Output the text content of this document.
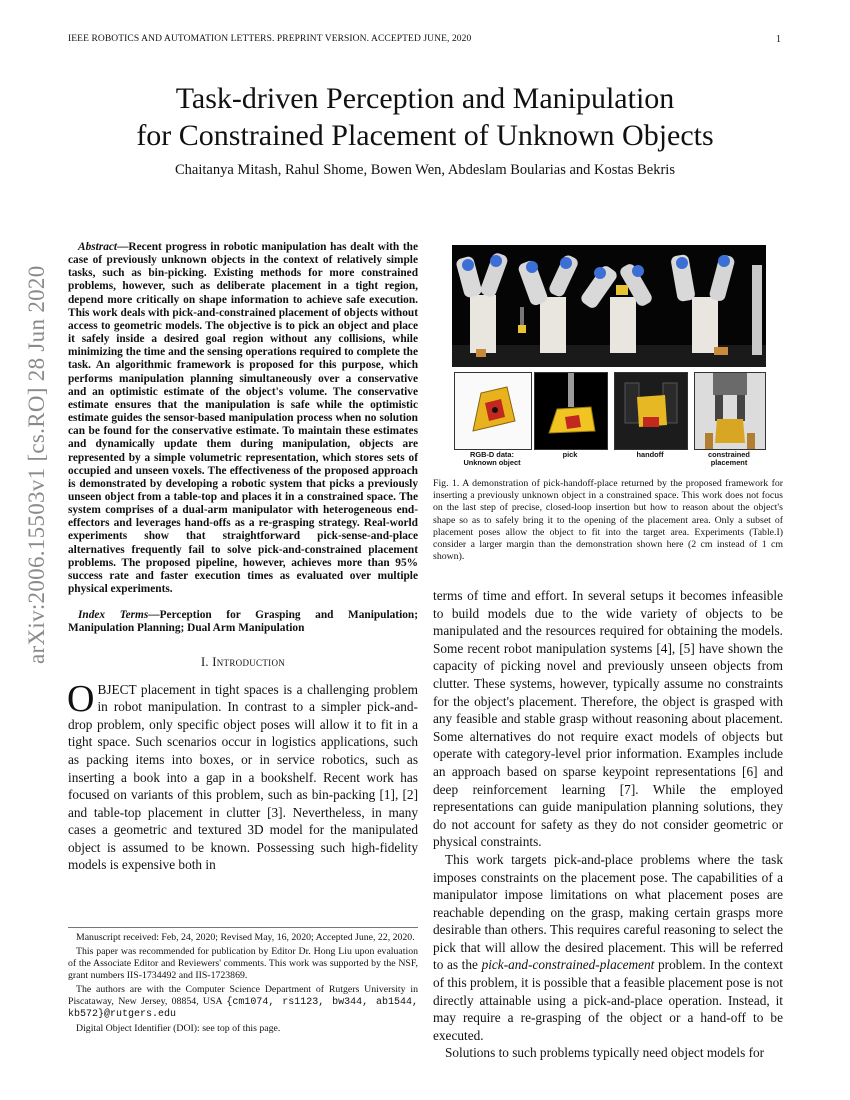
IEEE ROBOTICS AND AUTOMATION LETTERS. PREPRINT VERSION. ACCEPTED JUNE, 2020	1
Task-driven Perception and Manipulation
for Constrained Placement of Unknown Objects
Chaitanya Mitash, Rahul Shome, Bowen Wen, Abdeslam Boularias and Kostas Bekris
arXiv:2006.15503v1 [cs.RO] 28 Jun 2020

Abstract—Recent progress in robotic manipulation has dealt with the case of previously unknown objects in the context of relatively simple tasks, such as bin-picking. Existing methods for more constrained problems, however, such as deliberate placement in a tight region, depend more critically on shape information to achieve safe execution. This work deals with pick-and-constrained placement of objects without access to geometric models. The objective is to pick an object and place it safely inside a desired goal region without any collisions, while minimizing the time and the sensing operations required to complete the task. An algorithmic framework is proposed for this purpose, which performs manipulation planning simultaneously over a conservative and an optimistic estimate of the object's volume. The conservative estimate ensures that the manipulation is safe while the optimistic estimate guides the sensor-based manipulation process when no solution can be found for the conservative estimate. To maintain these estimates and dynamically update them during manipulation, objects are represented by a simple volumetric representation, which stores sets of occupied and unseen voxels. The effectiveness of the proposed approach is demonstrated by developing a robotic system that picks a previously unseen object from a table-top and places it in a constrained space. The system comprises of a dual-arm manipulator with heterogeneous end-effectors and leverages hand-offs as a re-grasping strategy. Real-world experiments show that straightforward pick-sense-and-place alternatives frequently fail to solve pick-and-constrained placement problems. The proposed pipeline, however, achieves more than 95% success rate and faster execution times as evaluated over multiple physical experiments.

Index Terms—Perception for Grasping and Manipulation; Manipulation Planning; Dual Arm Manipulation

I. Introduction

OBJECT placement in tight spaces is a challenging problem in robot manipulation. In contrast to a simpler pick-and-drop problem, only specific object poses will allow it to fit in a tight space. Such scenarios occur in logistics applications, such as packing items into boxes, or in service robotics, such as inserting a book into a gap in a bookshelf. Recent work has focused on variants of this problem, such as bin-packing [1], [2] and table-top placement in clutter [3]. Nevertheless, in many cases a geometric and textured 3D model for the manipulated object is assumed to be known. Possessing such high-fidelity models is expensive both in

Manuscript received: Feb, 24, 2020; Revised May, 16, 2020; Accepted June, 22, 2020.

This paper was recommended for publication by Editor Dr. Hong Liu upon evaluation of the Associate Editor and Reviewers' comments. This work was supported by the NSF, grant numbers IIS-1734492 and IIS-1723869.

The authors are with the Computer Science Department of Rutgers University in Piscataway, New Jersey, 08854, USA {cm1074, rs1123, bw344, ab1544, kb572}@rutgers.edu

Digital Object Identifier (DOI): see top of this page.

RGB-D data:
Unknown object
pick	handoff	constrained
placement

Fig. 1. A demonstration of pick-handoff-place returned by the proposed framework for inserting a previously unknown object in a constrained space. This work does not focus on the last step of precise, closed-loop insertion but how to reason about the object's shape so as to safely bring it to the opening of the placement area. Only a subset of placement poses allow the object to fit into the target area. Experiments (Table.I) consider a larger margin than the demonstration shown here (2 cm instead of 1 cm shown).

terms of time and effort. In several setups it becomes infeasible to build models due to the wide variety of objects to be manipulated and the resources required for obtaining the models. Some recent robot manipulation systems [4], [5] have shown the capacity of picking novel and previously unseen objects from clutter. These systems, however, typically assume no constraints for the object's placement. Therefore, the object is grasped with any feasible and stable grasp without reasoning about placement. Some alternatives do not require exact models of objects but operate with category-level prior information. Examples include an approach based on sparse keypoint representations [6] and deep reinforcement learning [7]. While the employed representations can guide manipulation planning solutions, they do not account for safety as they do not consider geometric or physical constraints.

This work targets pick-and-place problems where the task imposes constraints on the placement pose. The capabilities of a manipulator impose limitations on what placement poses are reachable depending on the grasp, making certain grasps more desirable than others. This requires careful reasoning to select the pick that will allow the desired placement. This will be referred to as the pick-and-constrained-placement problem. In the context of this problem, it is possible that a feasible placement pose is not directly attainable using a pick-and-place operation. Instead, it may require a re-grasping of the object or a hand-off to be executed.

Solutions to such problems typically need object models for
